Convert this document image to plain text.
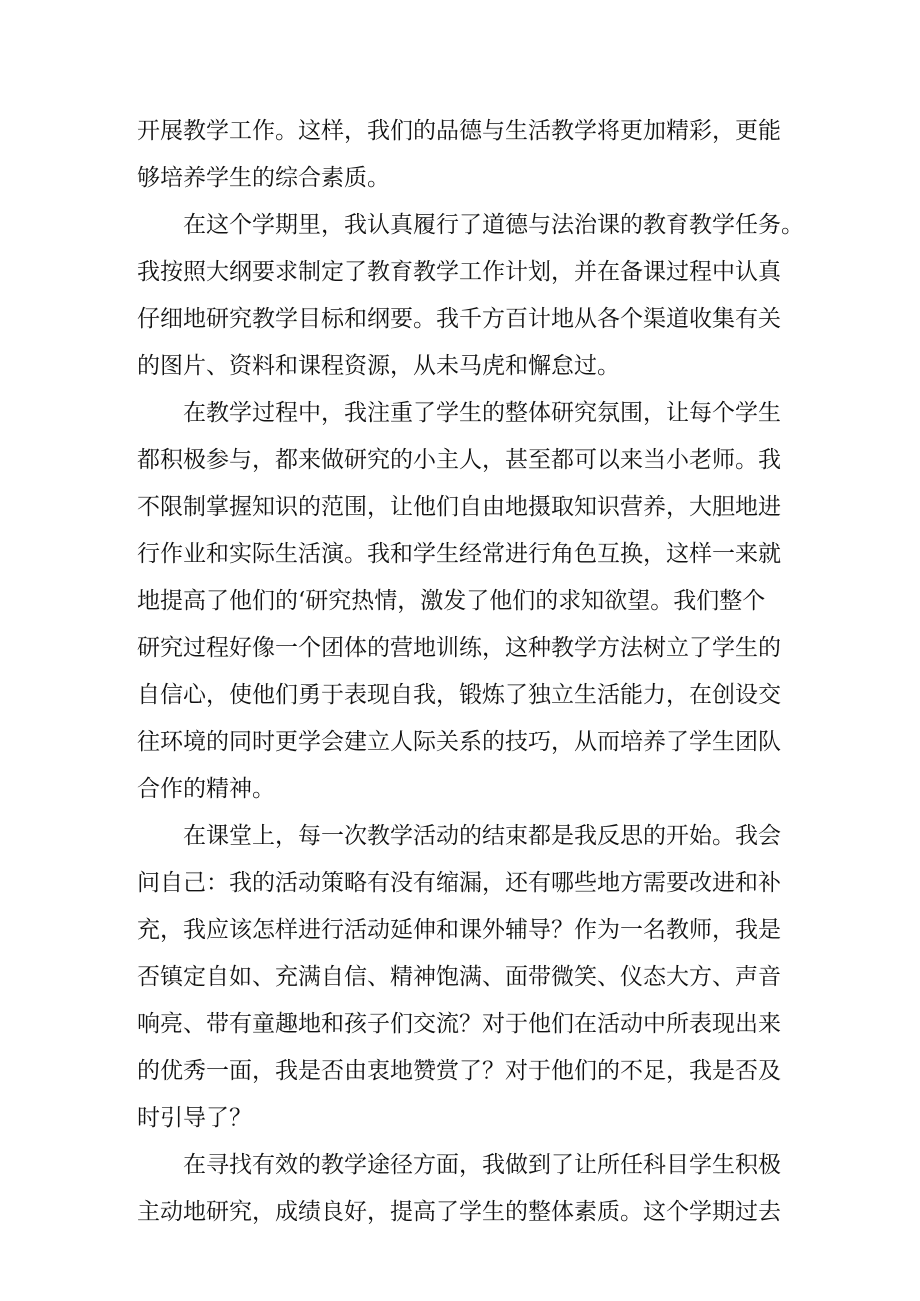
开展教学工作。这样，我们的品德与生活教学将更加精彩，更能
够培养学生的综合素质。
在这个学期里，我认真履行了道德与法治课的教育教学任务。
我按照大纲要求制定了教育教学工作计划，并在备课过程中认真
仔细地研究教学目标和纲要。我千方百计地从各个渠道收集有关
的图片、资料和课程资源，从未马虎和懈怠过。
在教学过程中，我注重了学生的整体研究氛围，让每个学生
都积极参与，都来做研究的小主人，甚至都可以来当小老师。我
不限制掌握知识的范围，让他们自由地摄取知识营养，大胆地进
行作业和实际生活演。我和学生经常进行角色互换，这样一来就
地提高了他们的‘研究热情，激发了他们的求知欲望。我们整个
研究过程好像一个团体的营地训练，这种教学方法树立了学生的
自信心，使他们勇于表现自我，锻炼了独立生活能力，在创设交
往环境的同时更学会建立人际关系的技巧，从而培养了学生团队
合作的精神。
在课堂上，每一次教学活动的结束都是我反思的开始。我会
问自己：我的活动策略有没有缩漏，还有哪些地方需要改进和补
充，我应该怎样进行活动延伸和课外辅导？作为一名教师，我是
否镇定自如、充满自信、精神饱满、面带微笑、仪态大方、声音
响亮、带有童趣地和孩子们交流？对于他们在活动中所表现出来
的优秀一面，我是否由衷地赞赏了？对于他们的不足，我是否及
时引导了？
在寻找有效的教学途径方面，我做到了让所任科目学生积极
主动地研究，成绩良好，提高了学生的整体素质。这个学期过去
